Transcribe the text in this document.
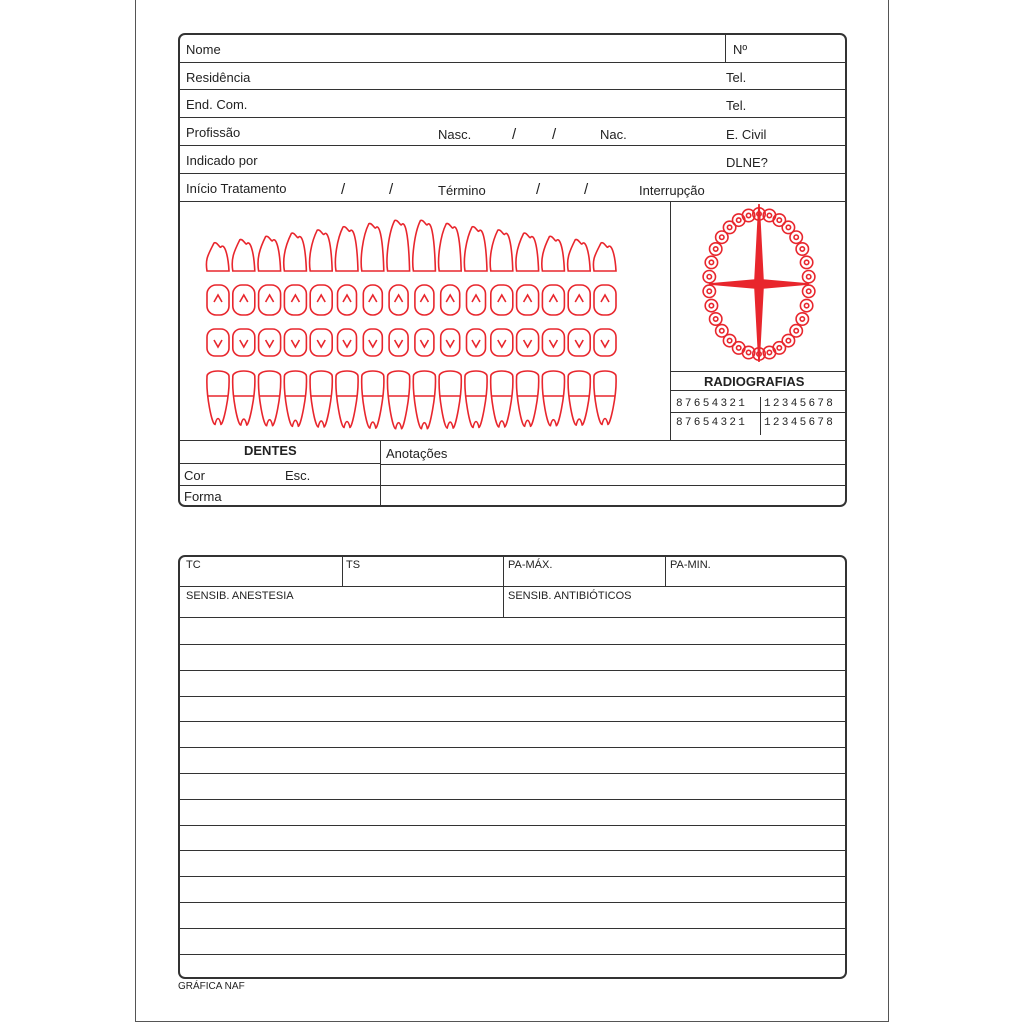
Nome	Nº
Residência	Tel.
End. Com.	Tel.
Profissão	Nasc.	/ /	Nac.	E. Civil
Indicado por	DLNE?
Início Tratamento	/	/	Término	/	/	Interrupção
RADIOGRAFIAS
87654321 12345678
87654321 12345678
DENTES
Cor	Esc.
Forma
Anotações
TC	TS	PA-MÁX.	PA-MIN.
SENSIB. ANESTESIA	SENSIB. ANTIBIÓTICOS
GRÁFICA NAF
